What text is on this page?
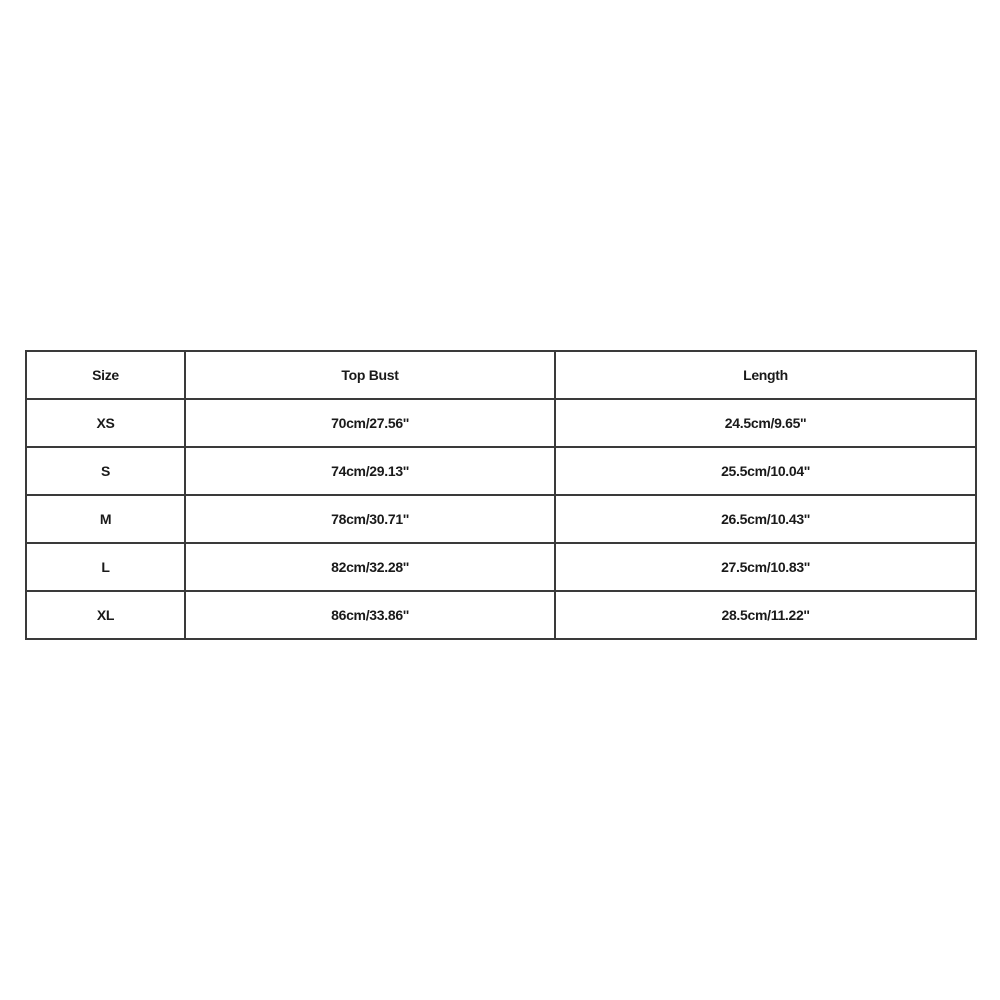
Size	Top Bust	Length
XS	70cm/27.56''	24.5cm/9.65''
S	74cm/29.13''	25.5cm/10.04''
M	78cm/30.71''	26.5cm/10.43''
L	82cm/32.28''	27.5cm/10.83''
XL	86cm/33.86''	28.5cm/11.22''
